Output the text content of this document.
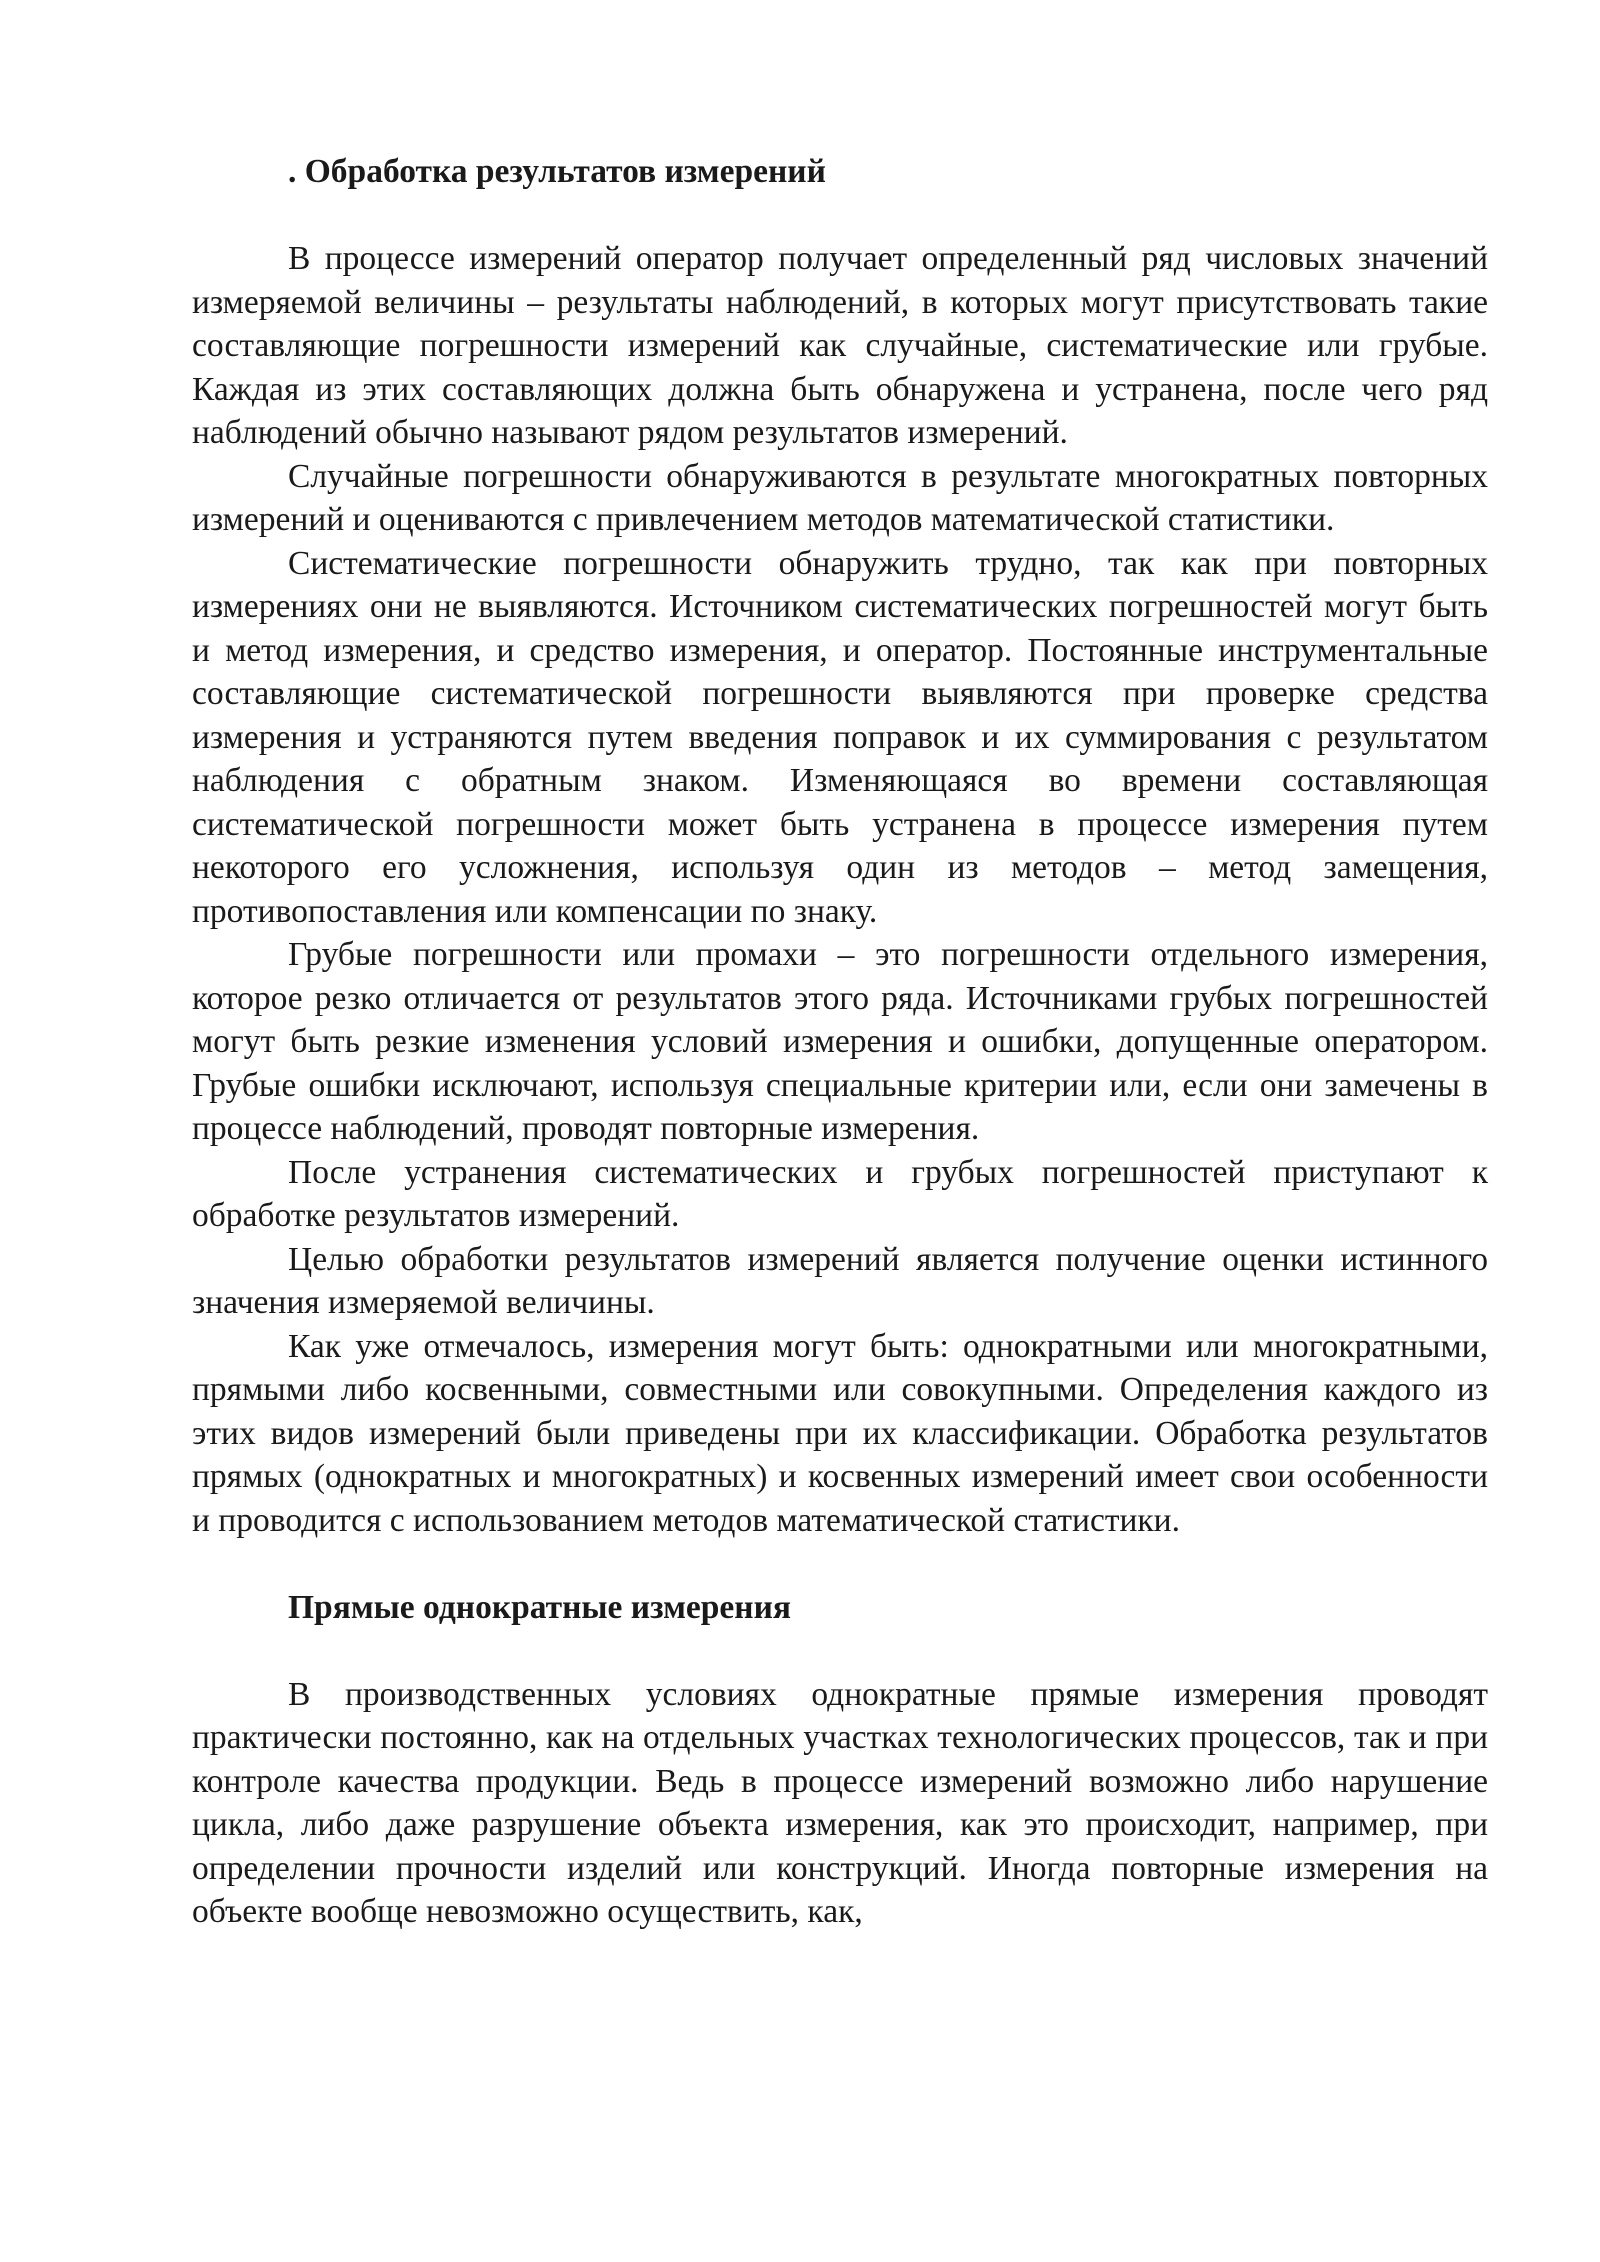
. Обработка результатов измерений

В процессе измерений оператор получает определенный ряд числовых значений измеряемой величины – результаты наблюдений, в которых могут присутствовать такие составляющие погрешности измерений как случайные, систематические или грубые. Каждая из этих составляющих должна быть обнаружена и устранена, после чего ряд наблюдений обычно называют рядом результатов измерений.

Случайные погрешности обнаруживаются в результате многократных повторных измерений и оцениваются с привлечением методов математической статистики.

Систематические погрешности обнаружить трудно, так как при повторных измерениях они не выявляются. Источником систематических погрешностей могут быть и метод измерения, и средство измерения, и оператор. Постоянные инструментальные составляющие систематической погрешности выявляются при проверке средства измерения и устраняются путем введения поправок и их суммирования с результатом наблюдения с обратным знаком. Изменяющаяся во времени составляющая систематической погрешности может быть устранена в процессе измерения путем некоторого его усложнения, используя один из методов – метод замещения, противопоставления или компенсации по знаку.

Грубые погрешности или промахи – это погрешности отдельного измерения, которое резко отличается от результатов этого ряда. Источниками грубых погрешностей могут быть резкие изменения условий измерения и ошибки, допущенные оператором. Грубые ошибки исключают, используя специальные критерии или, если они замечены в процессе наблюдений, проводят повторные измерения.

После устранения систематических и грубых погрешностей приступают к обработке результатов измерений.

Целью обработки результатов измерений является получение оценки истинного значения измеряемой величины.

Как уже отмечалось, измерения могут быть: однократными или многократными, прямыми либо косвенными, совместными или совокупными. Определения каждого из этих видов измерений были приведены при их классификации. Обработка результатов прямых (однократных и многократных) и косвенных измерений имеет свои особенности и проводится с использованием методов математической статистики.

Прямые однократные измерения

В производственных условиях однократные прямые измерения проводят практически постоянно, как на отдельных участках технологических процессов, так и при контроле качества продукции. Ведь в процессе измерений возможно либо нарушение цикла, либо даже разрушение объекта измерения, как это происходит, например, при определении прочности изделий или конструкций. Иногда повторные измерения на объекте вообще невозможно осуществить, как,
